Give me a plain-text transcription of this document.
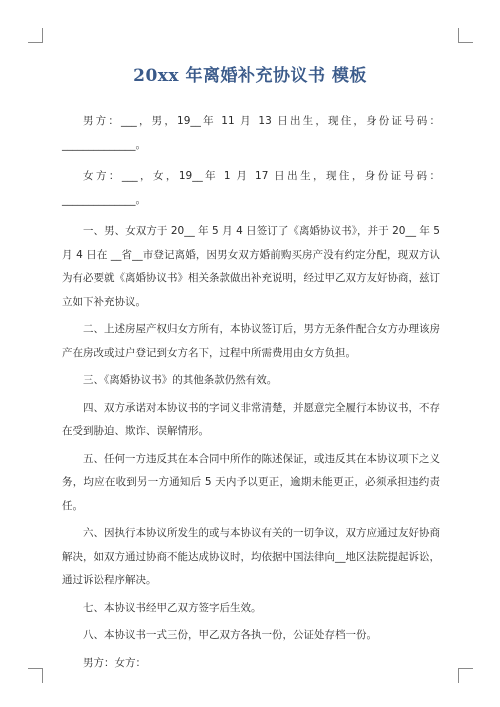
20xx 年离婚补充协议书 模板

男方：___，男，19__年 11 月 13 日出生，现住，身份证号码：______________。

女方：___，女，19__年 1 月 17 日出生，现住，身份证号码：______________。

一、男、女双方于 20__ 年 5 月 4 日签订了《离婚协议书》，并于 20__ 年 5 月 4 日在 __省__市登记离婚，因男女双方婚前购买房产没有约定分配，现双方认为有必要就《离婚协议书》相关条款做出补充说明，经过甲乙双方友好协商，兹订立如下补充协议。

二、上述房屋产权归女方所有，本协议签订后，男方无条件配合女方办理该房产在房改或过户登记到女方名下，过程中所需费用由女方负担。

三、《离婚协议书》的其他条款仍然有效。

四、双方承诺对本协议书的字词义非常清楚，并愿意完全履行本协议书，不存在受到胁迫、欺诈、误解情形。

五、任何一方违反其在本合同中所作的陈述保证，或违反其在本协议项下之义务，均应在收到另一方通知后 5 天内予以更正，逾期未能更正，必须承担违约责任。

六、因执行本协议所发生的或与本协议有关的一切争议，双方应通过友好协商解决，如双方通过协商不能达成协议时，均依据中国法律向__地区法院提起诉讼，通过诉讼程序解决。

七、本协议书经甲乙双方签字后生效。

八、本协议书一式三份，甲乙双方各执一份，公证处存档一份。

男方：女方：
